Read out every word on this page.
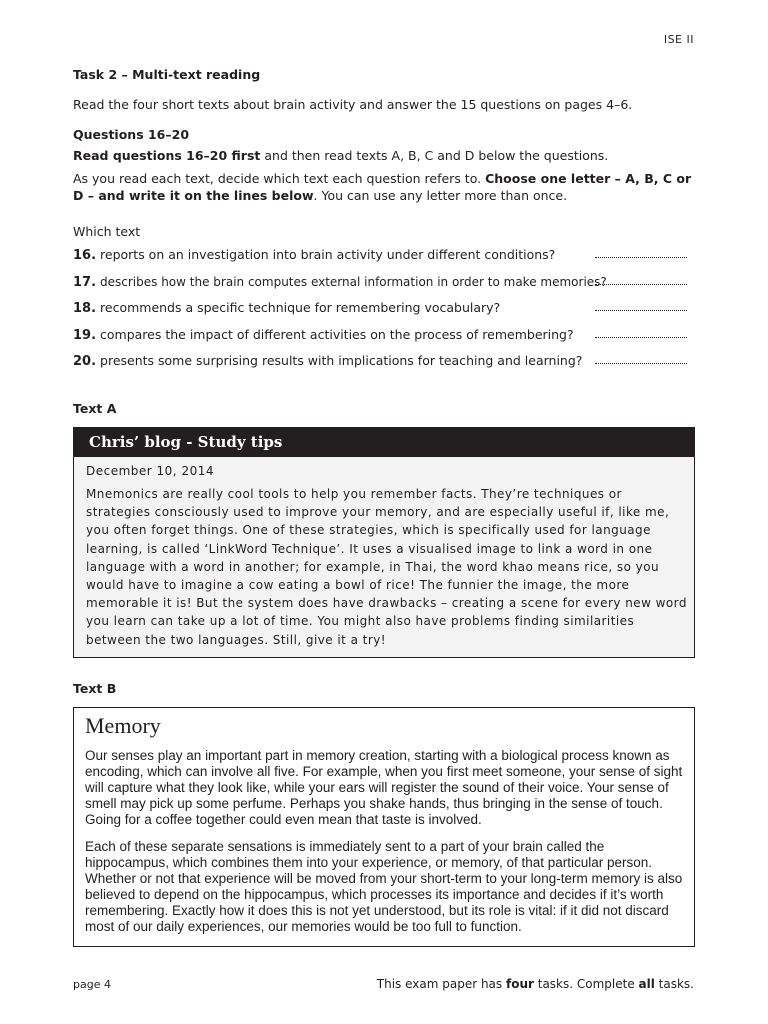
ISE II
Task 2 – Multi-text reading
Read the four short texts about brain activity and answer the 15 questions on pages 4–6.
Questions 16–20
Read questions 16–20 first and then read texts A, B, C and D below the questions.
As you read each text, decide which text each question refers to. Choose one letter – A, B, C or D – and write it on the lines below. You can use any letter more than once.
Which text
16. reports on an investigation into brain activity under different conditions?
17. describes how the brain computes external information in order to make memories?
18. recommends a specific technique for remembering vocabulary?
19. compares the impact of different activities on the process of remembering?
20. presents some surprising results with implications for teaching and learning?
Text A
Chris’ blog - Study tips
December 10, 2014
Mnemonics are really cool tools to help you remember facts. They’re techniques or strategies consciously used to improve your memory, and are especially useful if, like me, you often forget things. One of these strategies, which is specifically used for language learning, is called ‘LinkWord Technique’. It uses a visualised image to link a word in one language with a word in another; for example, in Thai, the word khao means rice, so you would have to imagine a cow eating a bowl of rice! The funnier the image, the more memorable it is! But the system does have drawbacks – creating a scene for every new word you learn can take up a lot of time. You might also have problems finding similarities between the two languages. Still, give it a try!
Text B
Memory

Our senses play an important part in memory creation, starting with a biological process known as encoding, which can involve all five. For example, when you first meet someone, your sense of sight will capture what they look like, while your ears will register the sound of their voice. Your sense of smell may pick up some perfume. Perhaps you shake hands, thus bringing in the sense of touch. Going for a coffee together could even mean that taste is involved.

Each of these separate sensations is immediately sent to a part of your brain called the hippocampus, which combines them into your experience, or memory, of that particular person. Whether or not that experience will be moved from your short-term to your long-term memory is also believed to depend on the hippocampus, which processes its importance and decides if it’s worth remembering. Exactly how it does this is not yet understood, but its role is vital: if it did not discard most of our daily experiences, our memories would be too full to function.

page 4	This exam paper has four tasks. Complete all tasks.
